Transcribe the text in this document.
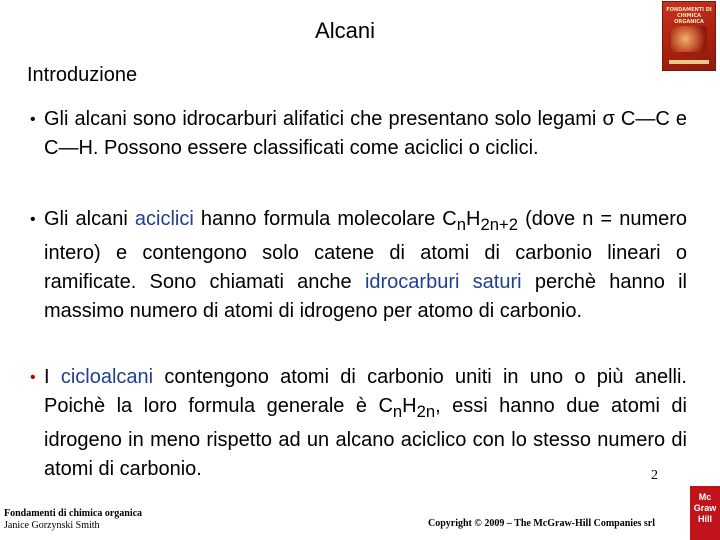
Alcani
FONDAMENTI DI CHIMICA ORGANICA
Introduzione
• Gli alcani sono idrocarburi alifatici che presentano solo legami σ C—C e C—H. Possono essere classificati come aciclici o ciclici.
• Gli alcani aciclici hanno formula molecolare $C_nH_{2n+2}$ (dove n = numero intero) e contengono solo catene di atomi di carbonio lineari o ramificate. Sono chiamati anche idrocarburi saturi perchè hanno il massimo numero di atomi di idrogeno per atomo di carbonio.
• I cicloalcani contengono atomi di carbonio uniti in uno o più anelli. Poichè la loro formula generale è $C_nH_{2n}$, essi hanno due atomi di idrogeno in meno rispetto ad un alcano aciclico con lo stesso numero di atomi di carbonio.	2
Fondamenti di chimica organica
Janice Gorzynski Smith	Copyright © 2009 – The McGraw-Hill Companies srl
Mc
Graw
Hill
